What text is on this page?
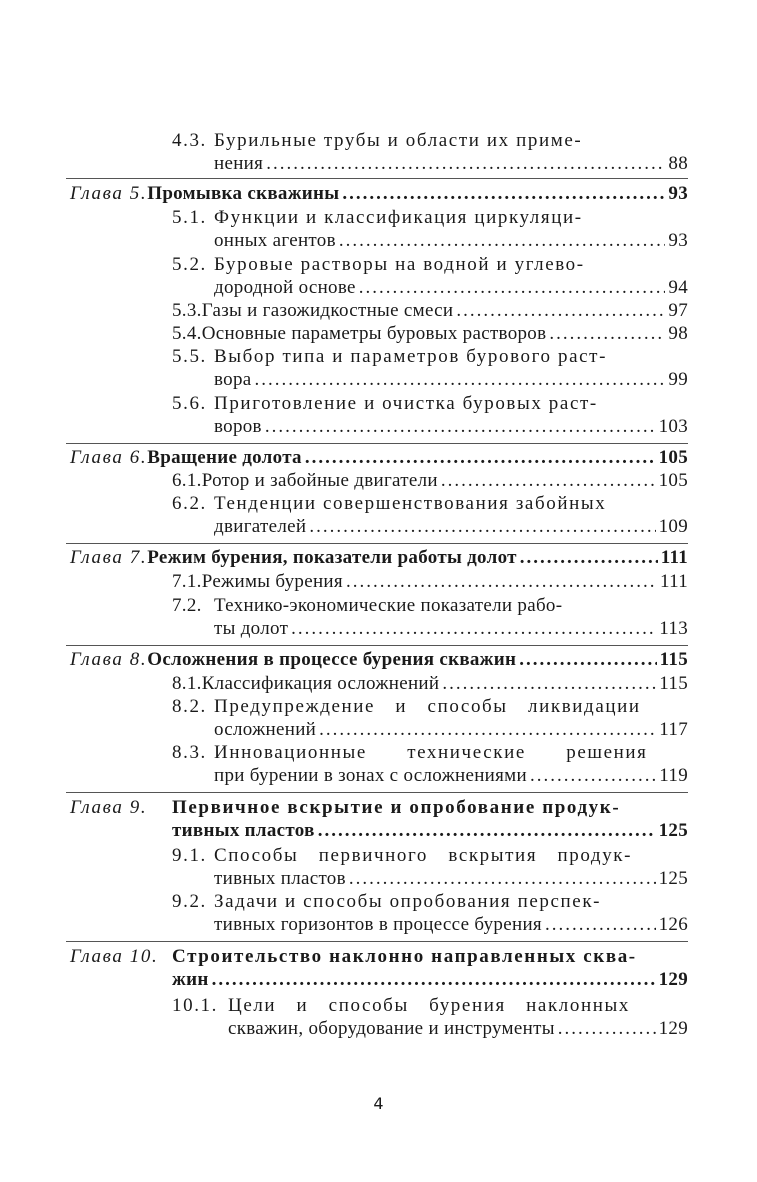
4.3. Бурильные трубы и области их приме-
нения .....	88
Глава 5. Промывка скважины .....	93
5.1. Функции и классификация циркуляци-
онных агентов .....	93
5.2. Буровые растворы на водной и углево-
дородной основе .....	94
5.3. Газы и газожидкостные смеси .....	97
5.4. Основные параметры буровых растворов .....	98
5.5. Выбор типа и параметров бурового раст-
вора .....	99
5.6. Приготовление и очистка буровых раст-
воров .....	103
Глава 6. Вращение долота .....	105
6.1. Ротор и забойные двигатели .....	105
6.2. Тенденции совершенствования забойных
двигателей .....	109
Глава 7. Режим бурения, показатели работы долот .....	111
7.1. Режимы бурения .....	111
7.2. Технико-экономические показатели рабо-
ты долот .....	113
Глава 8. Осложнения в процессе бурения скважин .....	115
8.1. Классификация осложнений .....	115
8.2. Предупреждение и способы ликвидации
осложнений .....	117
8.3. Инновационные технические решения
при бурении в зонах с осложнениями .....	119
Глава 9.	Первичное вскрытие и опробование продук-
тивных пластов .....	125
9.1. Способы первичного вскрытия продук-
тивных пластов .....	125
9.2. Задачи и способы опробования перспек-
тивных горизонтов в процессе бурения .....	126
Глава 10. Строительство наклонно направленных сква-
жин .....	129
10.1. Цели и способы бурения наклонных
скважин, оборудование и инструменты .....	129
4
